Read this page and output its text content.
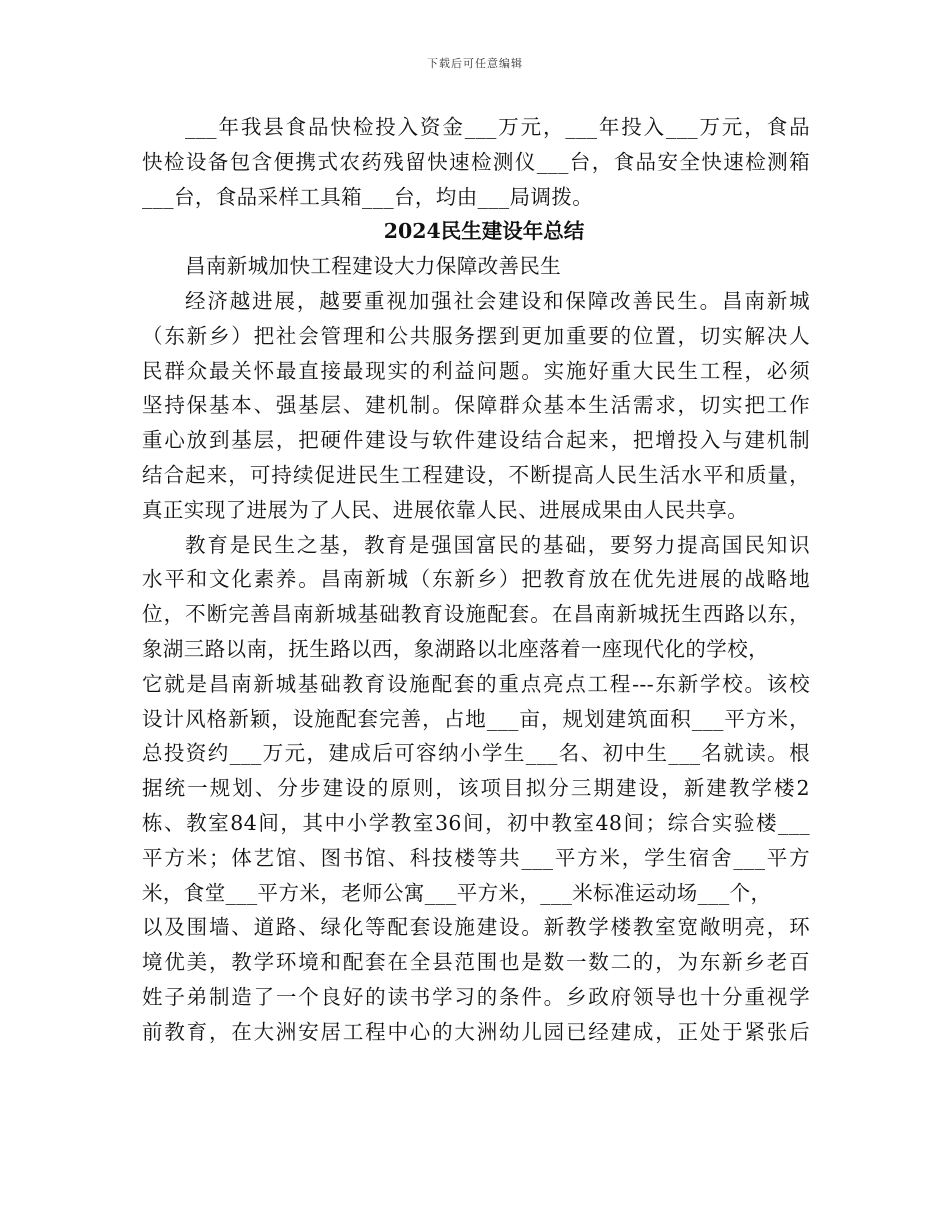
下载后可任意编辑
___年我县食品快检投入资金___万元，___年投入___万元，食品
快检设备包含便携式农药残留快速检测仪___台，食品安全快速检测箱
___台，食品采样工具箱___台，均由___局调拨。
2024民生建设年总结
昌南新城加快工程建设大力保障改善民生
经济越进展，越要重视加强社会建设和保障改善民生。昌南新城
（东新乡）把社会管理和公共服务摆到更加重要的位置，切实解决人
民群众最关怀最直接最现实的利益问题。实施好重大民生工程，必须
坚持保基本、强基层、建机制。保障群众基本生活需求，切实把工作
重心放到基层，把硬件建设与软件建设结合起来，把增投入与建机制
结合起来，可持续促进民生工程建设，不断提高人民生活水平和质量，
真正实现了进展为了人民、进展依靠人民、进展成果由人民共享。
教育是民生之基，教育是强国富民的基础，要努力提高国民知识
水平和文化素养。昌南新城（东新乡）把教育放在优先进展的战略地
位，不断完善昌南新城基础教育设施配套。在昌南新城抚生西路以东，
象湖三路以南，抚生路以西，象湖路以北座落着一座现代化的学校，
它就是昌南新城基础教育设施配套的重点亮点工程---东新学校。该校
设计风格新颖，设施配套完善，占地___亩，规划建筑面积___平方米，
总投资约___万元，建成后可容纳小学生___名、初中生___名就读。根
据统一规划、分步建设的原则，该项目拟分三期建设，新建教学楼2
栋、教室84间，其中小学教室36间，初中教室48间；综合实验楼___
平方米；体艺馆、图书馆、科技楼等共___平方米，学生宿舍___平方
米，食堂___平方米，老师公寓___平方米，___米标准运动场___个，
以及围墙、道路、绿化等配套设施建设。新教学楼教室宽敞明亮，环
境优美，教学环境和配套在全县范围也是数一数二的，为东新乡老百
姓子弟制造了一个良好的读书学习的条件。乡政府领导也十分重视学
前教育，在大洲安居工程中心的大洲幼儿园已经建成，正处于紧张后
